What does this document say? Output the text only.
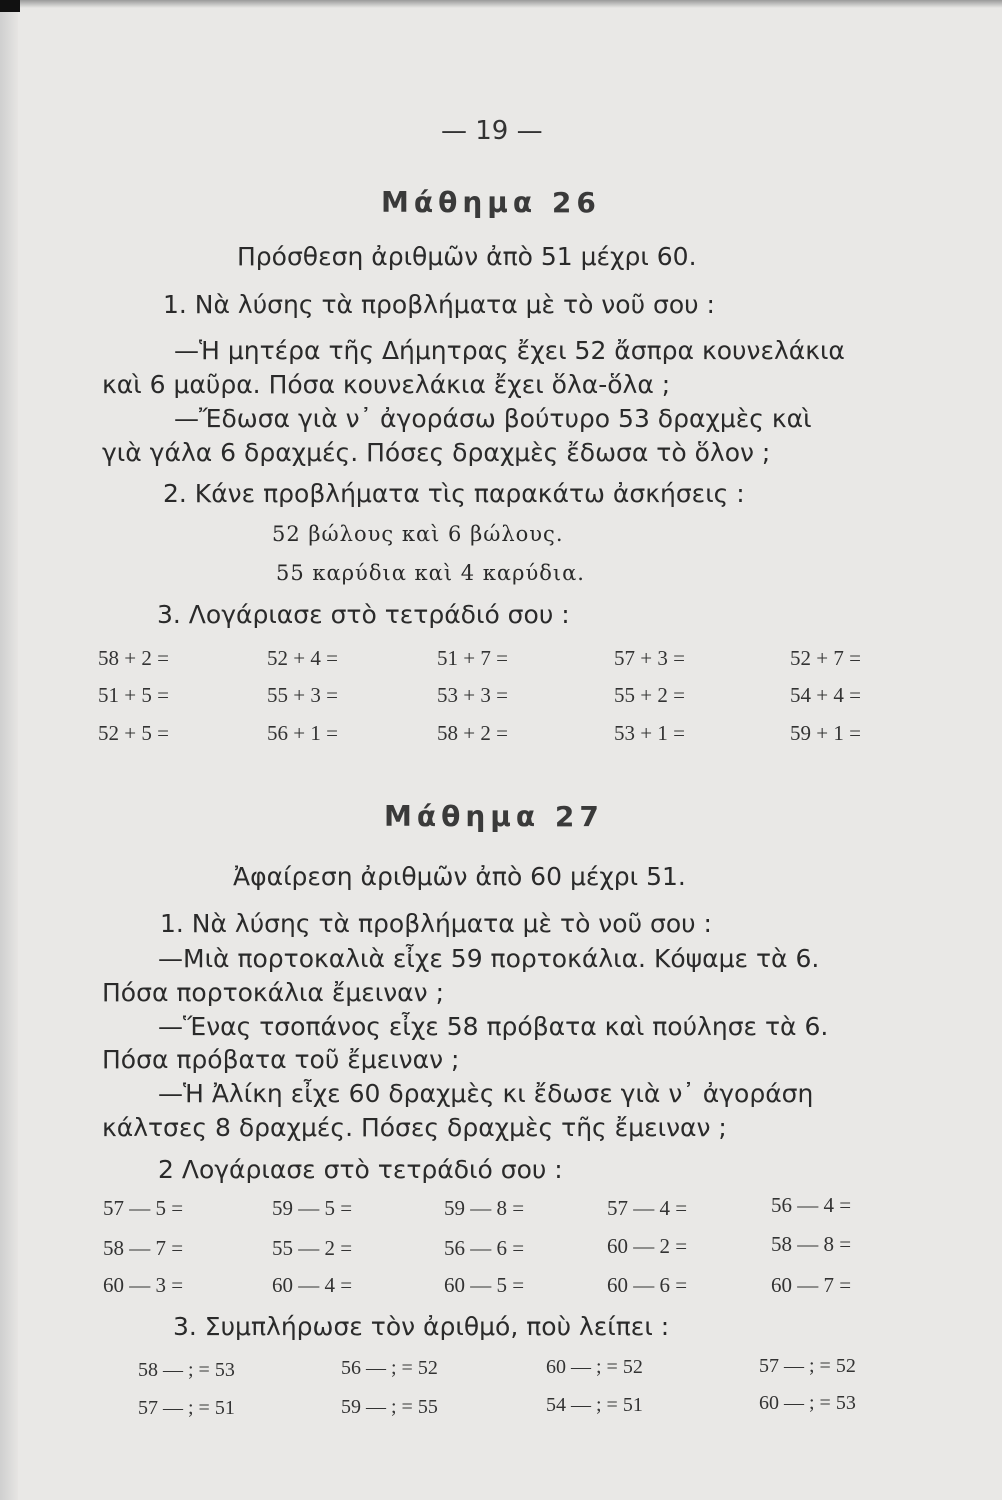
— 19 —
Μάθημα 26
Πρόσθεση ἀριθμῶν ἀπὸ 51 μέχρι 60.
1. Νὰ λύσης τὰ προβλήματα μὲ τὸ νοῦ σου :
—Ἡ μητέρα τῆς Δήμητρας ἔχει 52 ἄσπρα κουνελάκια
καὶ 6 μαῦρα. Πόσα κουνελάκια ἔχει ὅλα-ὅλα ;
—Ἔδωσα γιὰ ν᾽ ἀγοράσω βούτυρο 53 δραχμὲς καὶ
γιὰ γάλα 6 δραχμές. Πόσες δραχμὲς ἔδωσα τὸ ὅλον ;
2. Κάνε προβλήματα τὶς παρακάτω ἀσκήσεις :
52 βώλους καὶ 6 βώλους.
55 καρύδια καὶ 4 καρύδια.
3. Λογάριασε στὸ τετράδιό σου :
58 + 2 =	52 + 4 =	51 + 7 =	57 + 3 =	52 + 7 =
51 + 5 =	55 + 3 =	53 + 3 =	55 + 2 =	54 + 4 =
52 + 5 =	56 + 1 =	58 + 2 =	53 + 1 =	59 + 1 =
Μάθημα 27
Ἀφαίρεση ἀριθμῶν ἀπὸ 60 μέχρι 51.
1. Νὰ λύσης τὰ προβλήματα μὲ τὸ νοῦ σου :
—Μιὰ πορτοκαλιὰ εἶχε 59 πορτοκάλια. Κόψαμε τὰ 6.
Πόσα πορτοκάλια ἔμειναν ;
—Ἕνας τσοπάνος εἶχε 58 πρόβατα καὶ πούλησε τὰ 6.
Πόσα πρόβατα τοῦ ἔμειναν ;
—Ἡ Ἀλίκη εἶχε 60 δραχμὲς κι ἔδωσε γιὰ ν᾽ ἀγοράση
κάλτσες 8 δραχμές. Πόσες δραχμὲς τῆς ἔμειναν ;
2 Λογάριασε στὸ τετράδιό σου :
57 — 5 =	59 — 5 =	59 — 8 =	57 — 4 =	56 — 4 =
58 — 7 =	55 — 2 =	56 — 6 =	60 — 2 =	58 — 8 =
60 — 3 =	60 — 4 =	60 — 5 =	60 — 6 =	60 — 7 =
3. Συμπλήρωσε τὸν ἀριθμό, ποὺ λείπει :
58 — ; = 53	56 — ; = 52	60 — ; = 52	57 — ; = 52
57 — ; = 51	59 — ; = 55	54 — ; = 51	60 — ; = 53
